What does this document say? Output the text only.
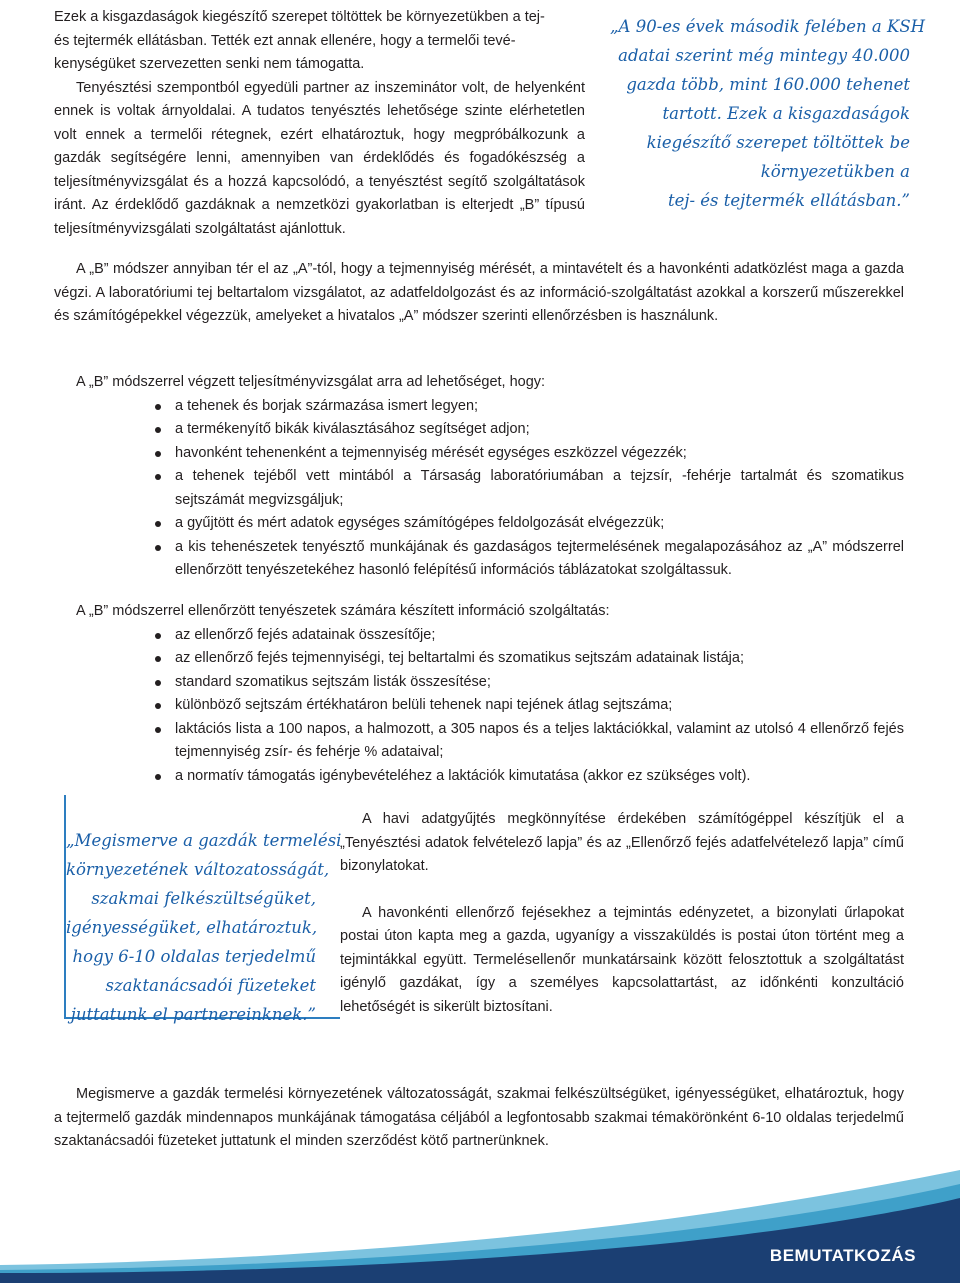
Ezek a kisgazdaságok kiegészítő szerepet töltöttek be környezetükben a tej-
és tejtermék ellátásban. Tették ezt annak ellenére, hogy a termelői tevé-
kenységüket szervezetten senki nem támogatta.

Tenyésztési szempontból egyedüli partner az inszeminátor volt, de helyenként ennek is voltak árnyoldalai. A tudatos tenyésztés lehetősége szinte elérhetetlen volt ennek a termelői rétegnek, ezért elhatároztuk, hogy megpróbálkozunk a gazdák segítségére lenni, amennyiben van érdeklődés és fogadókészség a teljesítményvizsgálat és a hozzá kapcsolódó, a tenyésztést segítő szolgáltatások iránt. Az érdeklődő gazdáknak a nemzetközi gyakorlatban is elterjedt „B” típusú teljesítményvizsgálati szolgáltatást ajánlottuk.

„A 90-es évek második felében a KSH
adatai szerint még mintegy 40.000
gazda több, mint 160.000 tehenet
tartott. Ezek a kisgazdaságok
kiegészítő szerepet töltöttek be
környezetükben a
tej- és tejtermék ellátásban.”

A „B” módszer annyiban tér el az „A”-tól, hogy a tejmennyiség mérését, a mintavételt és a havonkénti adatközlést maga a gazda végzi. A laboratóriumi tej beltartalom vizsgálatot, az adatfeldolgozást és az információ-szolgáltatást azokkal a korszerű műszerekkel és számítógépekkel végezzük, amelyeket a hivatalos „A” módszer szerinti ellenőrzésben is használunk.

A „B” módszerrel végzett teljesítményvizsgálat arra ad lehetőséget, hogy:
a tehenek és borjak származása ismert legyen;
a termékenyítő bikák kiválasztásához segítséget adjon;
havonként tehenenként a tejmennyiség mérését egységes eszközzel végezzék;
a tehenek tejéből vett mintából a Társaság laboratóriumában a tejzsír, -fehérje tartalmát és szomatikus sejtszámát megvizsgáljuk;
a gyűjtött és mért adatok egységes számítógépes feldolgozását elvégezzük;
a kis tehenészetek tenyésztő munkájának és gazdaságos tejtermelésének megalapozásához az „A” módszerrel ellenőrzött tenyészetekéhez hasonló felépítésű információs táblázatokat szolgáltassuk.
A „B” módszerrel ellenőrzött tenyészetek számára készített információ szolgáltatás:
az ellenőrző fejés adatainak összesítője;
az ellenőrző fejés tejmennyiségi, tej beltartalmi és szomatikus sejtszám adatainak listája;
standard szomatikus sejtszám listák összesítése;
különböző sejtszám értékhatáron belüli tehenek napi tejének átlag sejtszáma;
laktációs lista a 100 napos, a halmozott, a 305 napos és a teljes laktációkkal, valamint az utolsó 4 ellenőrző fejés tejmennyiség zsír- és fehérje % adataival;
a normatív támogatás igénybevételéhez a laktációk kimutatása (akkor ez szükséges volt).
„Megismerve a gazdák termelési
környezetének változatosságát,
szakmai felkészültségüket,
igényességüket, elhatároztuk,
hogy 6-10 oldalas terjedelmű
szaktanácsadói füzeteket
juttatunk el partnereinknek.”

A havi adatgyűjtés megkönnyítése érdekében számítógéppel készítjük el a „Tenyésztési adatok felvételező lapja” és az „Ellenőrző fejés adatfelvételező lapja” című bizonylatokat.

A havonkénti ellenőrző fejésekhez a tejmintás edényzetet, a bizonylati űrlapokat postai úton kapta meg a gazda, ugyanígy a visszaküldés is postai úton történt meg a tejmintákkal együtt. Termelésellenőr munkatársaink között felosztottuk a szolgáltatást igénylő gazdákat, így a személyes kapcsolattartást, az időnkénti konzultáció lehetőségét is sikerült biztosítani.

Megismerve a gazdák termelési környezetének változatosságát, szakmai felkészültségüket, igényességüket, elhatároztuk, hogy a tejtermelő gazdák mindennapos munkájának támogatása céljából a legfontosabb szakmai témakörönként 6-10 oldalas terjedelmű szaktanácsadói füzeteket juttatunk el minden szerződést kötő partnerünknek.

4	BEMUTATKOZÁS
